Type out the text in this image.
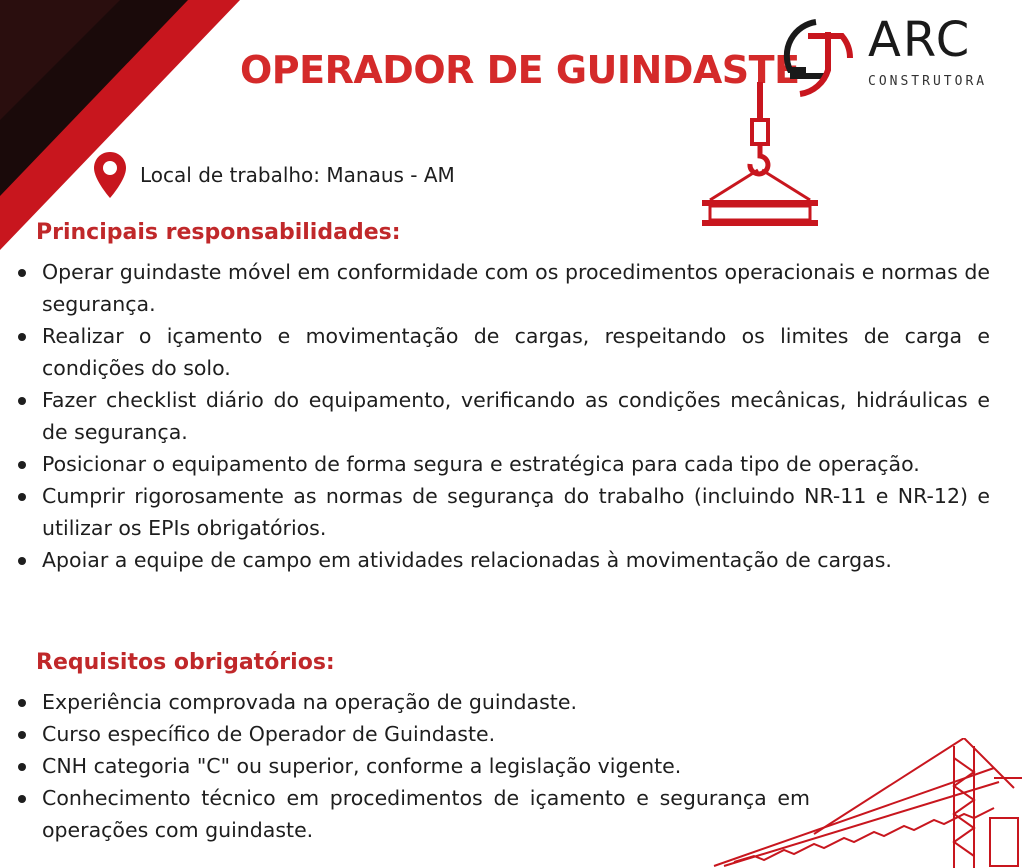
OPERADOR DE GUINDASTE
ARC
CONSTRUTORA
Local de trabalho: Manaus - AM
Principais responsabilidades:
Operar guindaste móvel em conformidade com os procedimentos operacionais e normas de segurança.
Realizar o içamento e movimentação de cargas, respeitando os limites de carga e condições do solo.
Fazer checklist diário do equipamento, verificando as condições mecânicas, hidráulicas e de segurança.
Posicionar o equipamento de forma segura e estratégica para cada tipo de operação.
Cumprir rigorosamente as normas de segurança do trabalho (incluindo NR-11 e NR-12) e utilizar os EPIs obrigatórios.
Apoiar a equipe de campo em atividades relacionadas à movimentação de cargas.
Requisitos obrigatórios:
Experiência comprovada na operação de guindaste.
Curso específico de Operador de Guindaste.
CNH categoria "C" ou superior, conforme a legislação vigente.
Conhecimento técnico em procedimentos de içamento e segurança em operações com guindaste.
